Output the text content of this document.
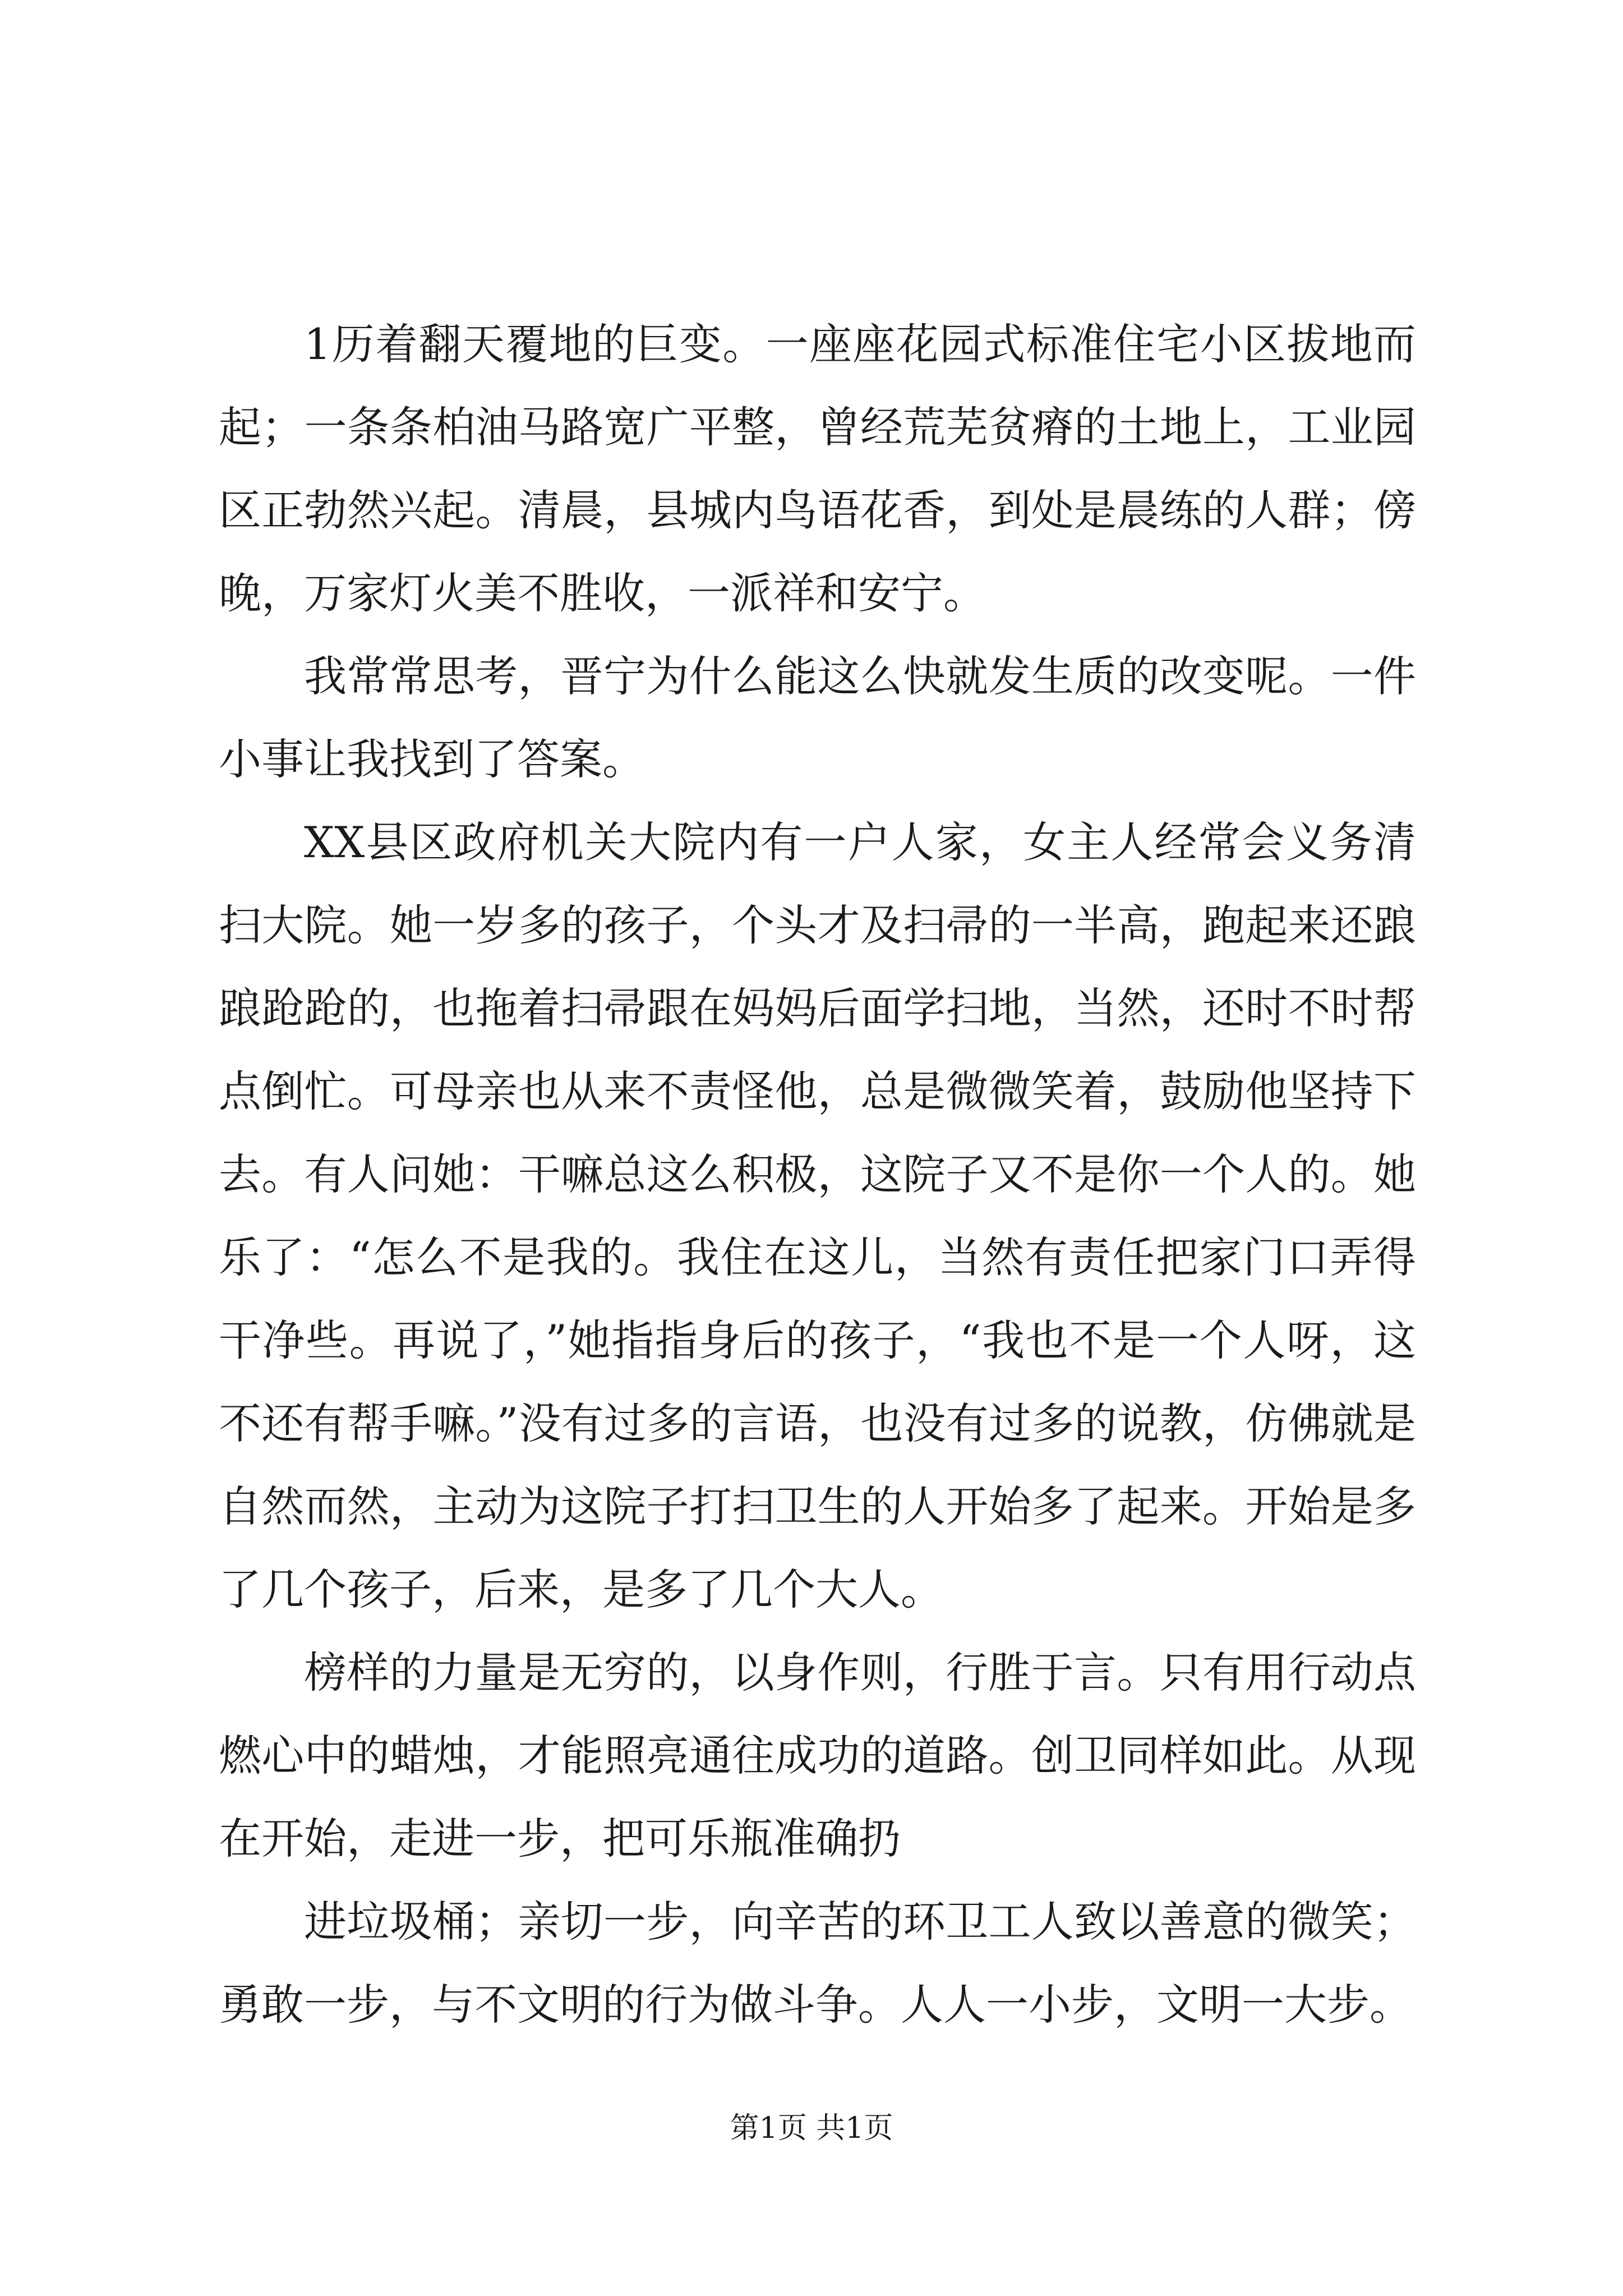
1历着翻天覆地的巨变。一座座花园式标准住宅小区拔地而起；一条条柏油马路宽广平整，曾经荒芜贫瘠的土地上，工业园区正勃然兴起。清晨，县城内鸟语花香，到处是晨练的人群；傍晚，万家灯火美不胜收，一派祥和安宁。

我常常思考，晋宁为什么能这么快就发生质的改变呢。一件小事让我找到了答案。

XX县区政府机关大院内有一户人家，女主人经常会义务清扫大院。她一岁多的孩子，个头才及扫帚的一半高，跑起来还踉踉跄跄的，也拖着扫帚跟在妈妈后面学扫地，当然，还时不时帮点倒忙。可母亲也从来不责怪他，总是微微笑着，鼓励他坚持下去。有人问她：干嘛总这么积极，这院子又不是你一个人的。她乐了：“怎么不是我的。我住在这儿，当然有责任把家门口弄得干净些。再说了，”她指指身后的孩子，“我也不是一个人呀，这不还有帮手嘛。”没有过多的言语，也没有过多的说教，仿佛就是自然而然，主动为这院子打扫卫生的人开始多了起来。开始是多了几个孩子，后来，是多了几个大人。

榜样的力量是无穷的，以身作则，行胜于言。只有用行动点燃心中的蜡烛，才能照亮通往成功的道路。创卫同样如此。从现在开始，走进一步，把可乐瓶准确扔

进垃圾桶；亲切一步，向辛苦的环卫工人致以善意的微笑；勇敢一步，与不文明的行为做斗争。人人一小步，文明一大步。

第1页 共1页
